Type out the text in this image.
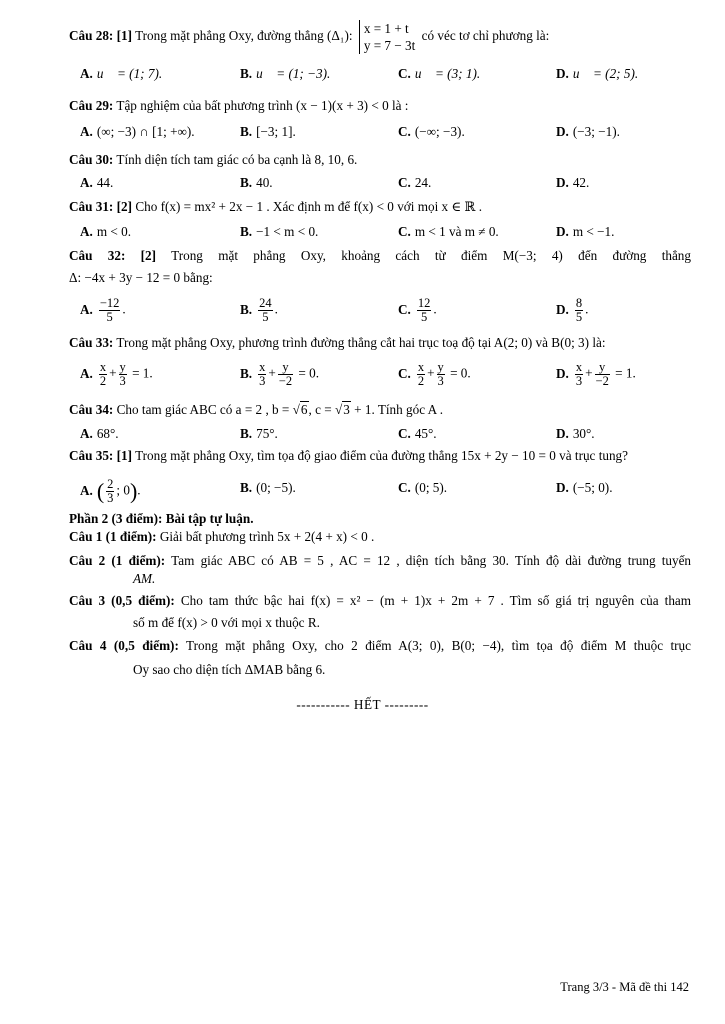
Câu 28: [1] Trong mặt phẳng Oxy, đường thẳng (Δ₁): x = 1 + t
y = 7 − 3t
có véc tơ chỉ phương là:
A. u⃗ = (1; 7).	B. u⃗ = (1; −3).	C. u⃗ = (3; 1).	D. u⃗ = (2; 5).
Câu 29: Tập nghiệm của bất phương trình (x − 1)(x + 3) < 0 là :
A. (∞; −3) ∩ [1; +∞).	B. [−3; 1].	C. (−∞; −3).	D. (−3; −1).
Câu 30: Tính diện tích tam giác có ba cạnh là 8, 10, 6.
A. 44.	B. 40.	C. 24.	D. 42.
Câu 31: [2] Cho f(x) = mx² + 2x − 1 . Xác định m để f(x) < 0 với mọi x ∈ ℝ .
A. m < 0.	B. −1 < m < 0.	C. m < 1 và m ≠ 0.	D. m < −1.
Câu 32: [2] Trong mặt phẳng Oxy, khoảng cách từ điểm M(−3; 4) đến đường thẳng
Δ: −4x + 3y − 12 = 0 bằng:
A. $\frac{-12}{5}$ .	B. $\frac{24}{5}$ .	C. $\frac{12}{5}$ .	D. $\frac{8}{5}$ .
Câu 33: Trong mặt phẳng Oxy, phương trình đường thẳng cắt hai trục toạ độ tại A(2; 0) và B(0; 3) là:
A. $\frac{x}{2} + \frac{y}{3} = 1$.	B. $\frac{x}{3} + \frac{y}{-2} = 0$.	C. $\frac{x}{2} + \frac{y}{3} = 0$.	D. $\frac{x}{3} + \frac{y}{-2} = 1$.
Câu 34: Cho tam giác ABC có a = 2 , b = √6, c = √3 + 1. Tính góc A .
A. 68°.	B. 75°.	C. 45°.	D. 30°.
Câu 35: [1] Trong mặt phẳng Oxy, tìm tọa độ giao điểm của đường thẳng 15x + 2y − 10 = 0 và trục tung?
A. ( $\frac{2}{3}$ ; 0).	B. (0; −5).	C. (0; 5).	D. (−5; 0).
Phần 2 (3 điểm): Bài tập tự luận.
Câu 1 (1 điểm): Giải bất phương trình 5x + 2(4 + x) < 0 .
Câu 2 (1 điểm): Tam giác ABC có AB = 5 , AC = 12 , diện tích bằng 30. Tính độ dài đường trung tuyến
AM.
Câu 3 (0,5 điểm): Cho tam thức bậc hai f(x) = x² − (m + 1)x + 2m + 7 . Tìm số giá trị nguyên của tham
số m để f(x) > 0 với mọi x thuộc R.
Câu 4 (0,5 điểm): Trong mặt phẳng Oxy, cho 2 điểm A(3; 0), B(0; −4), tìm tọa độ điểm M thuộc trục
Oy sao cho diện tích ΔMAB bằng 6.
----------- HẾT ---------
Trang 3/3 - Mã đề thi 142
